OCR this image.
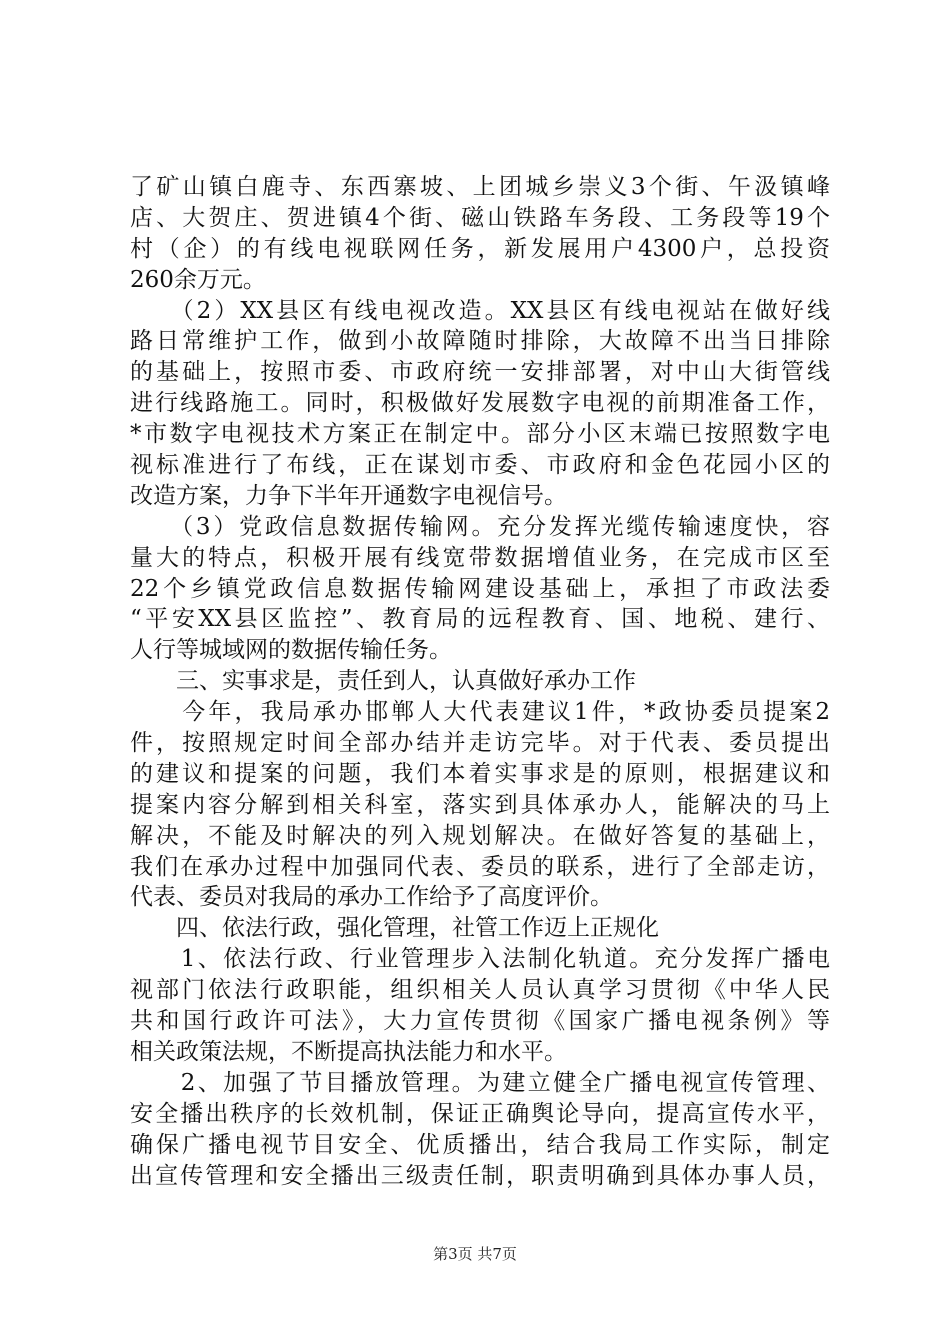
了矿山镇白鹿寺、东西寨坡、上团城乡崇义3个街、午汲镇峰
店、大贺庄、贺进镇4个街、磁山铁路车务段、工务段等19个
村（企）的有线电视联网任务，新发展用户4300户，总投资
260余万元。
　　（2）XX县区有线电视改造。XX县区有线电视站在做好线
路日常维护工作，做到小故障随时排除，大故障不出当日排除
的基础上，按照市委、市政府统一安排部署，对中山大街管线
进行线路施工。同时，积极做好发展数字电视的前期准备工作，
*市数字电视技术方案正在制定中。部分小区末端已按照数字电
视标准进行了布线，正在谋划市委、市政府和金色花园小区的
改造方案，力争下半年开通数字电视信号。
　　（3）党政信息数据传输网。充分发挥光缆传输速度快，容
量大的特点，积极开展有线宽带数据增值业务，在完成市区至
22个乡镇党政信息数据传输网建设基础上，承担了市政法委
“平安XX县区监控”、教育局的远程教育、国、地税、建行、
人行等城域网的数据传输任务。
　　三、实事求是，责任到人，认真做好承办工作
　　今年，我局承办邯郸人大代表建议1件，*政协委员提案2
件，按照规定时间全部办结并走访完毕。对于代表、委员提出
的建议和提案的问题，我们本着实事求是的原则，根据建议和
提案内容分解到相关科室，落实到具体承办人，能解决的马上
解决，不能及时解决的列入规划解决。在做好答复的基础上，
我们在承办过程中加强同代表、委员的联系，进行了全部走访，
代表、委员对我局的承办工作给予了高度评价。
　　四、依法行政，强化管理，社管工作迈上正规化
　　1、依法行政、行业管理步入法制化轨道。充分发挥广播电
视部门依法行政职能，组织相关人员认真学习贯彻《中华人民
共和国行政许可法》，大力宣传贯彻《国家广播电视条例》等
相关政策法规，不断提高执法能力和水平。
　　2、加强了节目播放管理。为建立健全广播电视宣传管理、
安全播出秩序的长效机制，保证正确舆论导向，提高宣传水平，
确保广播电视节目安全、优质播出，结合我局工作实际，制定
出宣传管理和安全播出三级责任制，职责明确到具体办事人员，
第3页 共7页
